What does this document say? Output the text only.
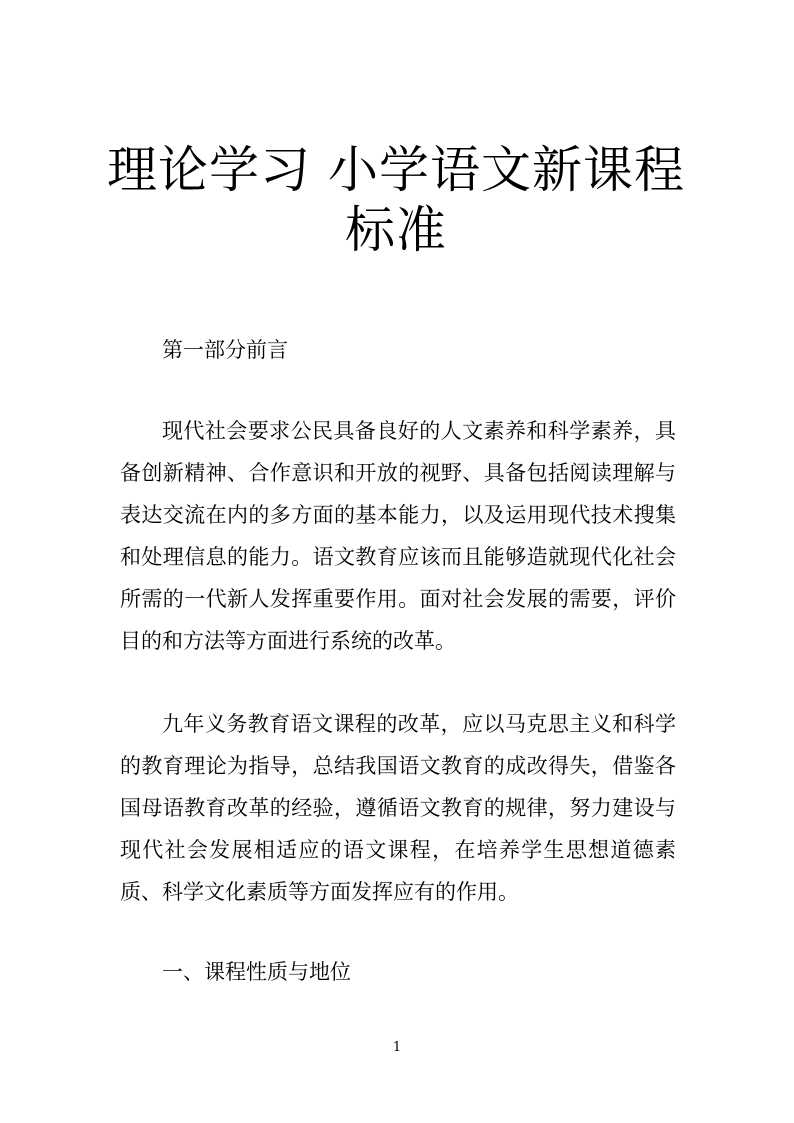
理论学习 小学语文新课程标准

第一部分前言

现代社会要求公民具备良好的人文素养和科学素养，具备创新精神、合作意识和开放的视野、具备包括阅读理解与表达交流在内的多方面的基本能力，以及运用现代技术搜集和处理信息的能力。语文教育应该而且能够造就现代化社会所需的一代新人发挥重要作用。面对社会发展的需要，评价目的和方法等方面进行系统的改革。

九年义务教育语文课程的改革，应以马克思主义和科学的教育理论为指导，总结我国语文教育的成改得失，借鉴各国母语教育改革的经验，遵循语文教育的规律，努力建设与现代社会发展相适应的语文课程，在培养学生思想道德素质、科学文化素质等方面发挥应有的作用。

一、课程性质与地位

1
